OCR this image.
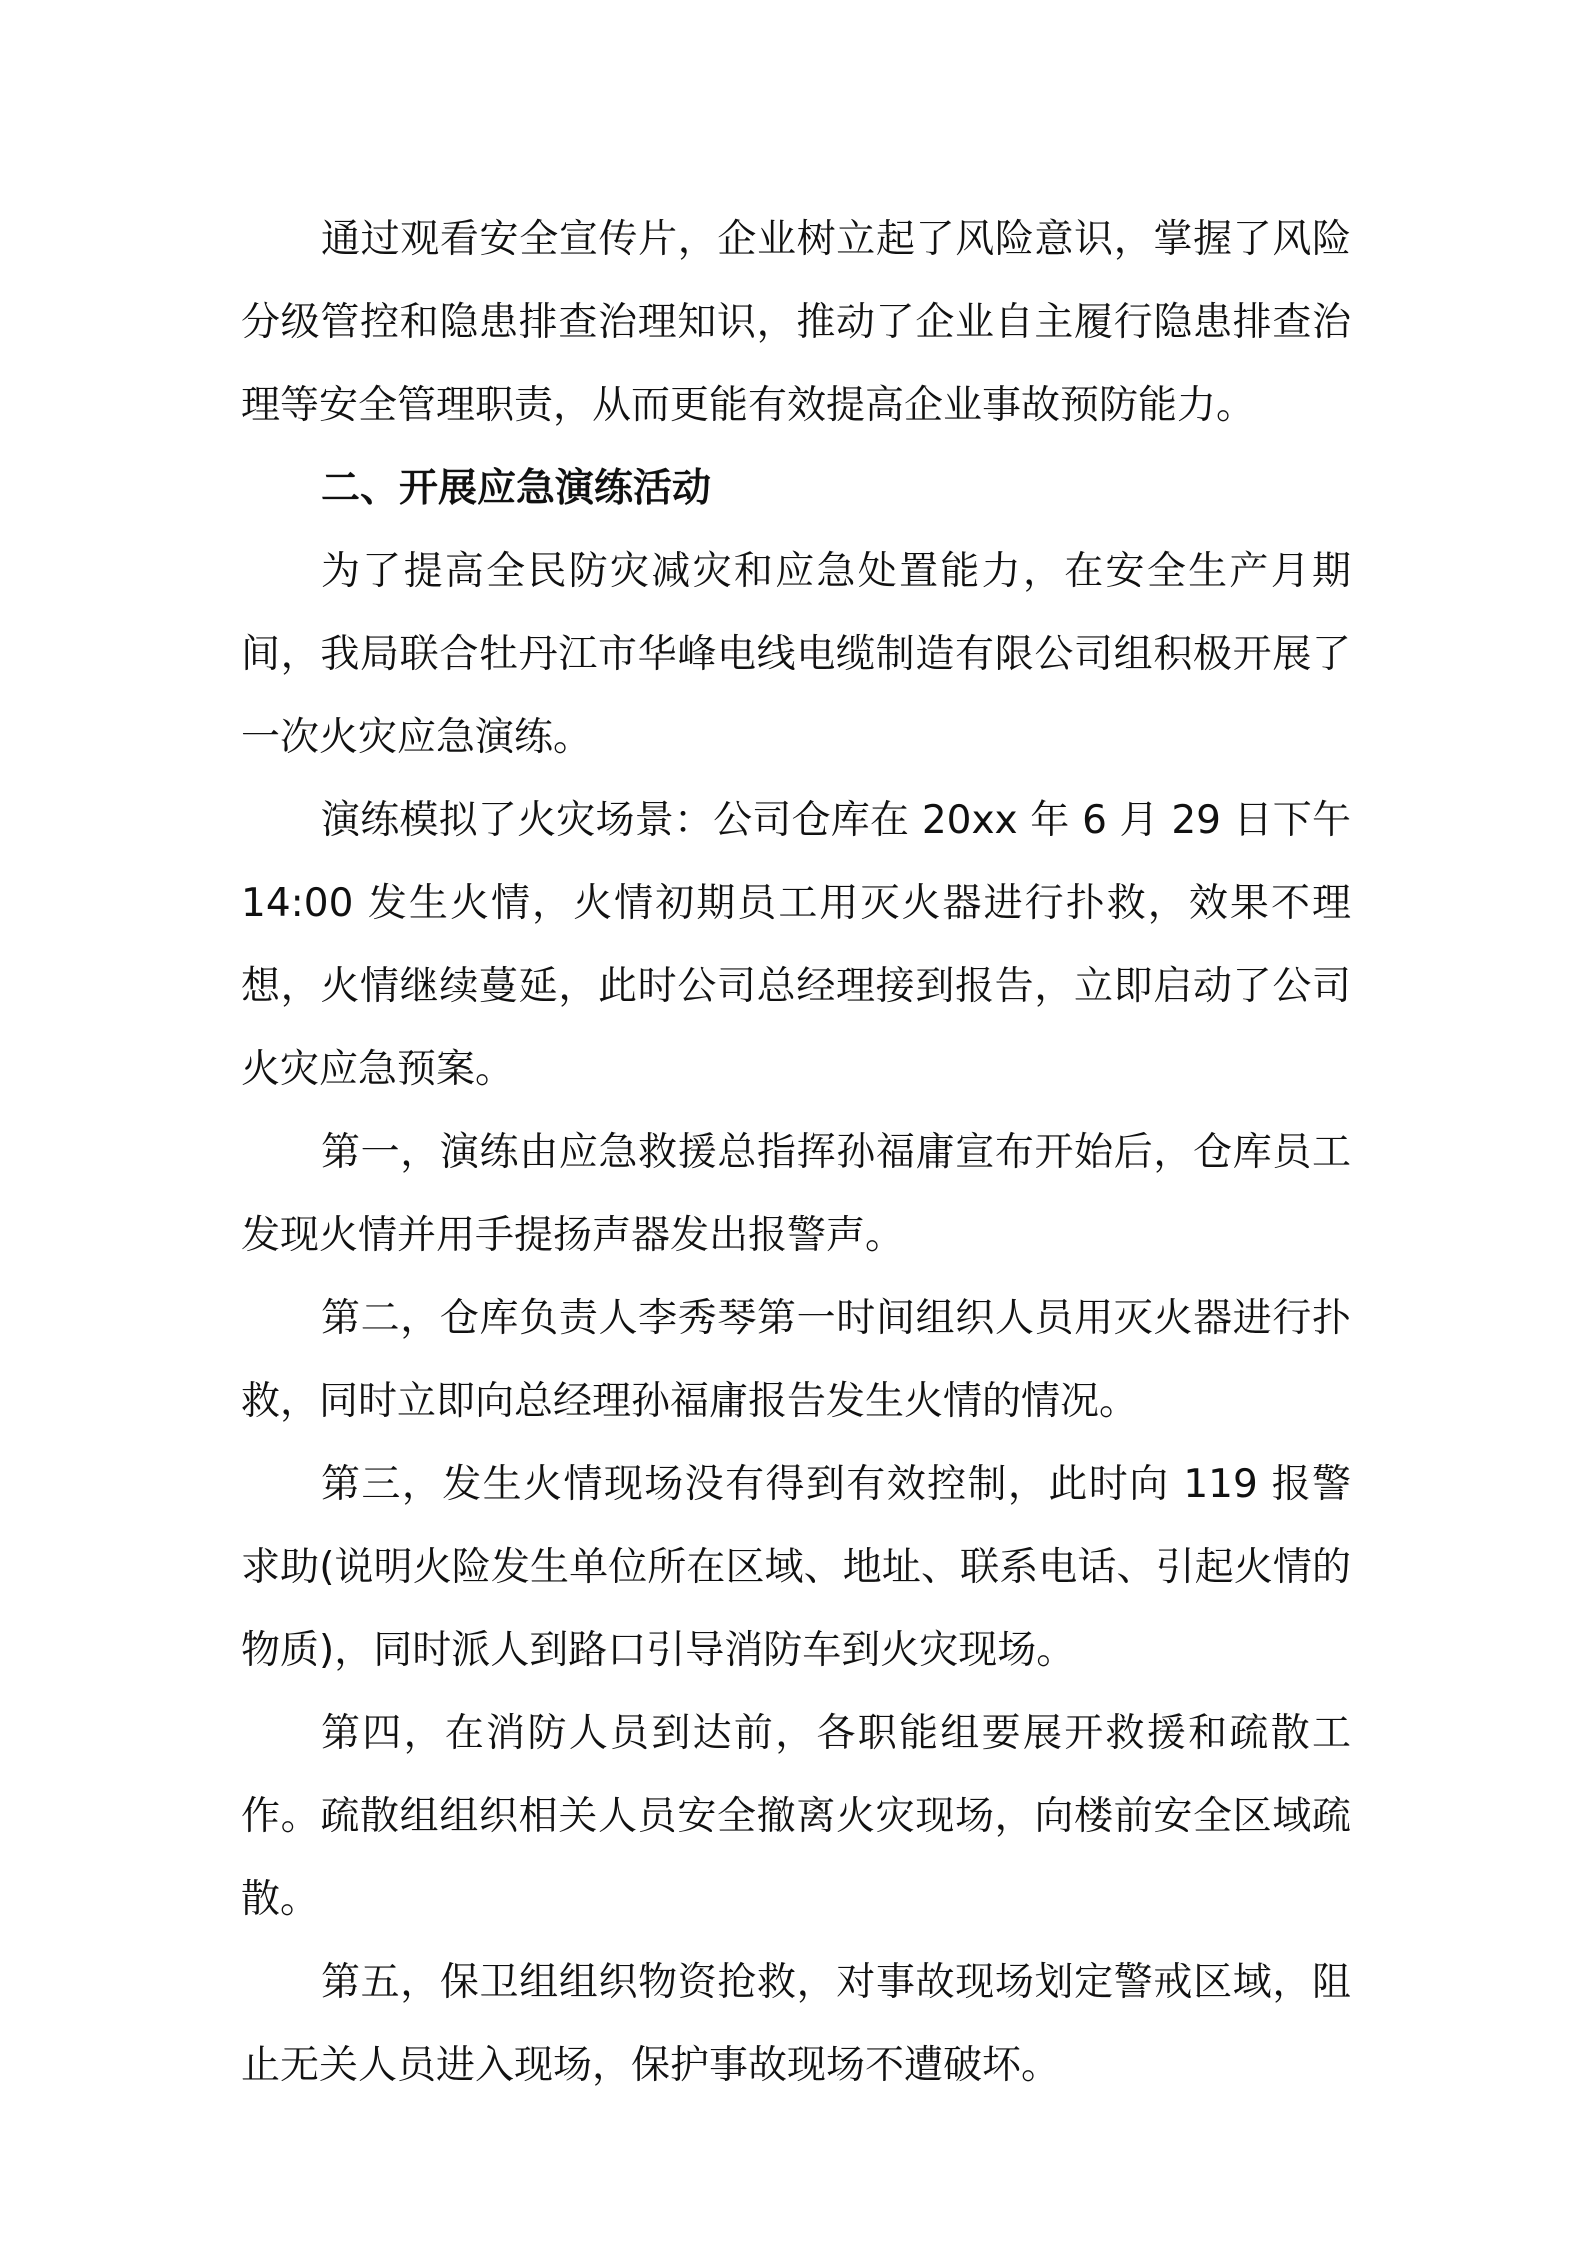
通过观看安全宣传片，企业树立起了风险意识，掌握了风险分级管控和隐患排查治理知识，推动了企业自主履行隐患排查治理等安全管理职责，从而更能有效提高企业事故预防能力。

二、开展应急演练活动

为了提高全民防灾减灾和应急处置能力，在安全生产月期间，我局联合牡丹江市华峰电线电缆制造有限公司组积极开展了一次火灾应急演练。

演练模拟了火灾场景：公司仓库在 20xx 年 6 月 29 日下午 14:00 发生火情，火情初期员工用灭火器进行扑救，效果不理想，火情继续蔓延，此时公司总经理接到报告，立即启动了公司火灾应急预案。

第一，演练由应急救援总指挥孙福庸宣布开始后，仓库员工发现火情并用手提扬声器发出报警声。

第二，仓库负责人李秀琴第一时间组织人员用灭火器进行扑救，同时立即向总经理孙福庸报告发生火情的情况。

第三，发生火情现场没有得到有效控制，此时向 119 报警求助(说明火险发生单位所在区域、地址、联系电话、引起火情的物质)，同时派人到路口引导消防车到火灾现场。

第四，在消防人员到达前，各职能组要展开救援和疏散工作。疏散组组织相关人员安全撤离火灾现场，向楼前安全区域疏散。

第五，保卫组组织物资抢救，对事故现场划定警戒区域，阻止无关人员进入现场，保护事故现场不遭破坏。
